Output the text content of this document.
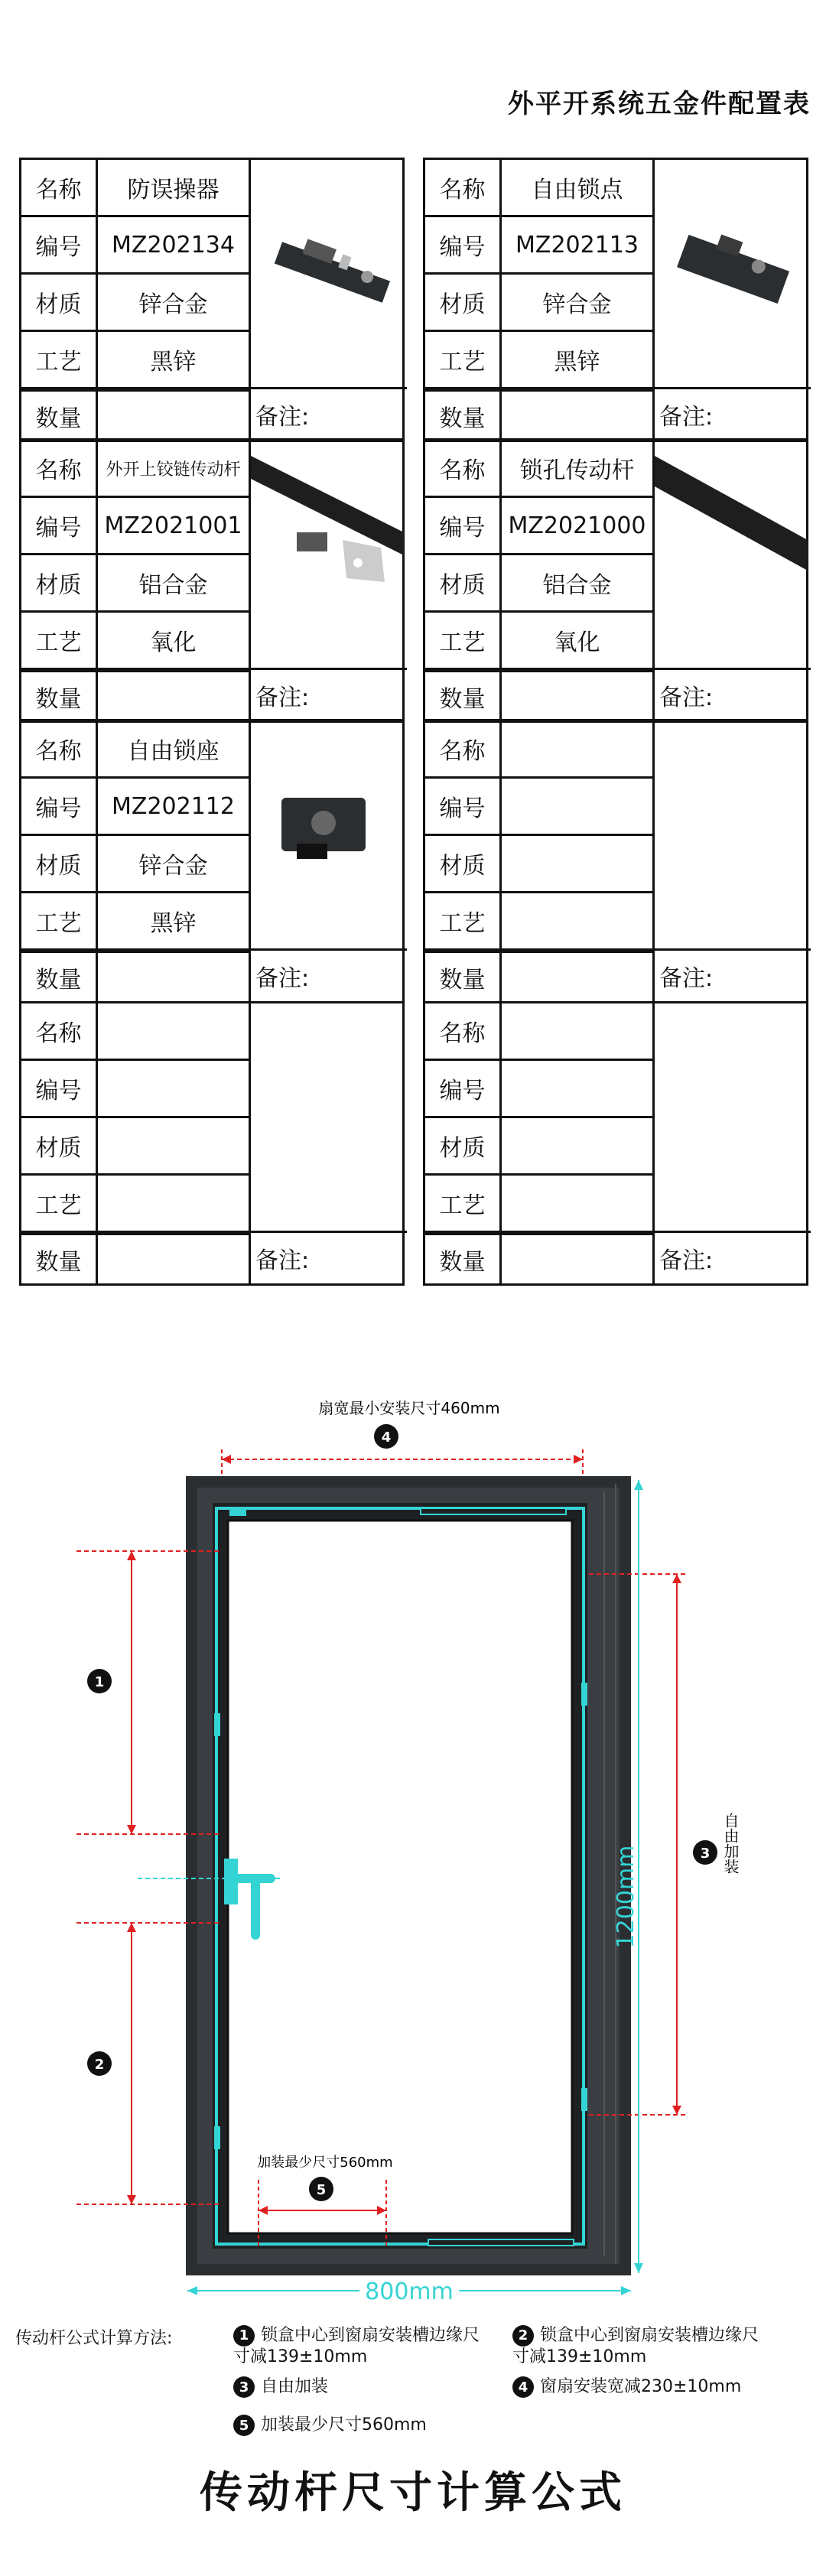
外平开系统五金件配置表
名称	防误操器
编号	MZ202134
材质	锌合金
工艺	黑锌
数量	备注:
名称	自由锁点
编号	MZ202113
材质	锌合金
工艺	黑锌
数量	备注:
名称	外开上铰链传动杆
编号 MZ2021001
材质	铝合金
工艺	氧化
数量	备注:
名称	锁孔传动杆
编号 MZ2021000
材质	铝合金
工艺	氧化
数量	备注:
名称	自由锁座
编号	MZ202112
材质	锌合金
工艺	黑锌
数量	备注:
名称
编号
材质
工艺
数量	备注:
名称
编号
材质
工艺
数量	备注:
名称
编号
材质
工艺
数量	备注:
扇宽最小安装尺寸460mm
4
1
2
3 自由加装
1200mm
加装最少尺寸560mm
5
800mm
传动杆公式计算方法:	1 锁盒中心到窗扇安装槽边缘尺寸减139±10mm
2 锁盒中心到窗扇安装槽边缘尺寸减139±10mm
3 自由加装	4 窗扇安装宽减230±10mm
5 加装最少尺寸560mm
传动杆尺寸计算公式
